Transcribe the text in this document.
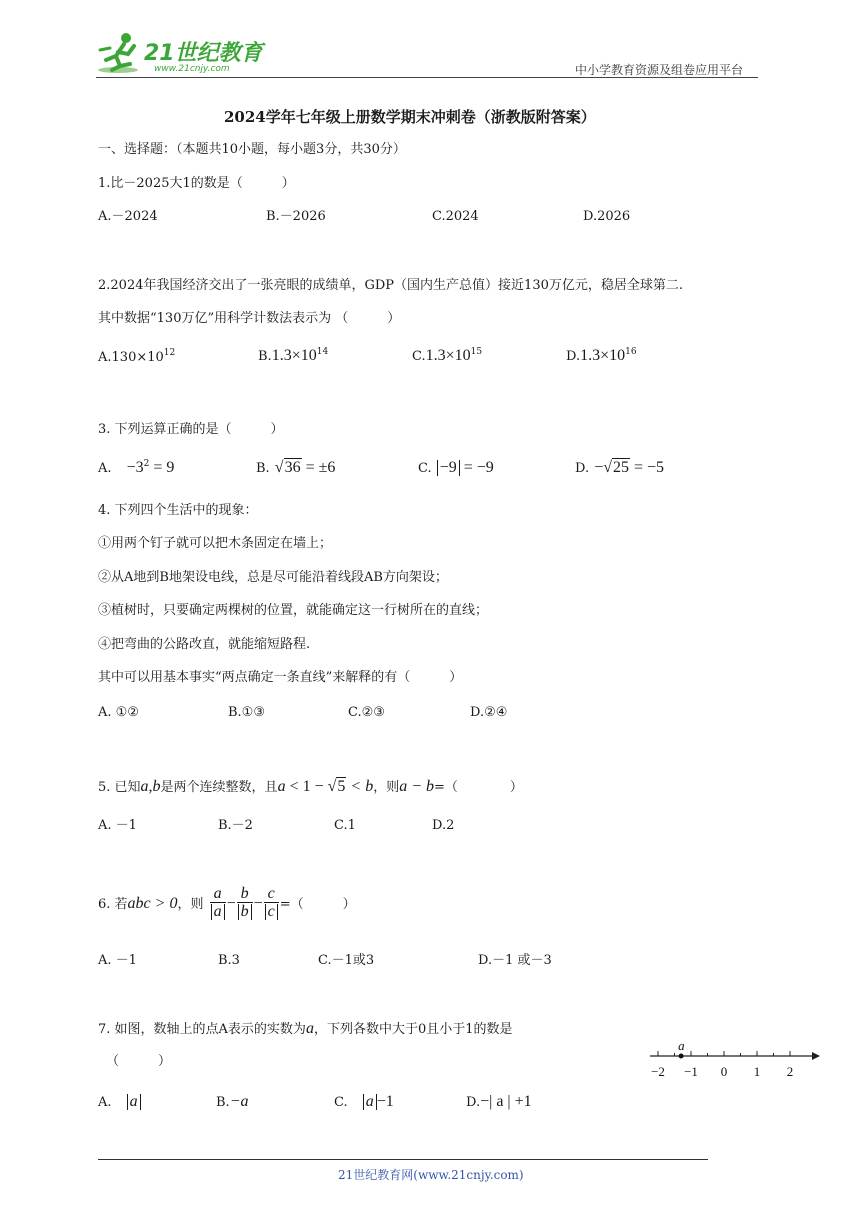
21世纪教育
www.21cnjy.com	中小学教育资源及组卷应用平台
2024学年七年级上册数学期末冲刺卷（浙教版附答案）
一、选择题：（本题共10小题，每小题3分，共30分）
1.比－2025大1的数是（　　　）
A.－2024	B.－2026	C.2024	D.2026
2.2024年我国经济交出了一张亮眼的成绩单，GDP（国内生产总值）接近130万亿元，稳居全球第二.
其中数据“130万亿”用科学计数法表示为 （　　　）
$A.130\times 10^{12}$	$B.1.3\times 10^{14}$	$C.1.3\times 10^{15}$	$D.1.3\times 10^{16}$
3. 下列运算正确的是（　　　）
A. $-3^2 = 9$	B. √36 = ±6	C. −9 = −9	D. −√25 = −5
4. 下列四个生活中的现象：
①用两个钉子就可以把木条固定在墙上；
②从A地到B地架设电线，总是尽可能沿着线段AB方向架设；
③植树时，只要确定两棵树的位置，就能确定这一行树所在的直线；
④把弯曲的公路改直，就能缩短路程.
其中可以用基本事实“两点确定一条直线”来解释的有（　　　）
A. ①②	B.①③	C.②③	D.②④
5. 已知a,b是两个连续整数，且a < 1 − √5 < b，则a − b=（　　　　）
A. －1	B.－2	C.1	D.2
6. 若abc > 0，则 $\frac{a}{a} - \frac{b}{b} - \frac{c}{c}$ =（　　　）
A. －1	B.3	C.－1或3	D.－1 或－3
7. 如图，数轴上的点A表示的实数为a，下列各数中大于0且小于1的数是
（　　　）
A. a	B.−a	C. a −1	D.−| a | +1
−2 −1 0 1 2
a
21世纪教育网(www.21cnjy.com)
